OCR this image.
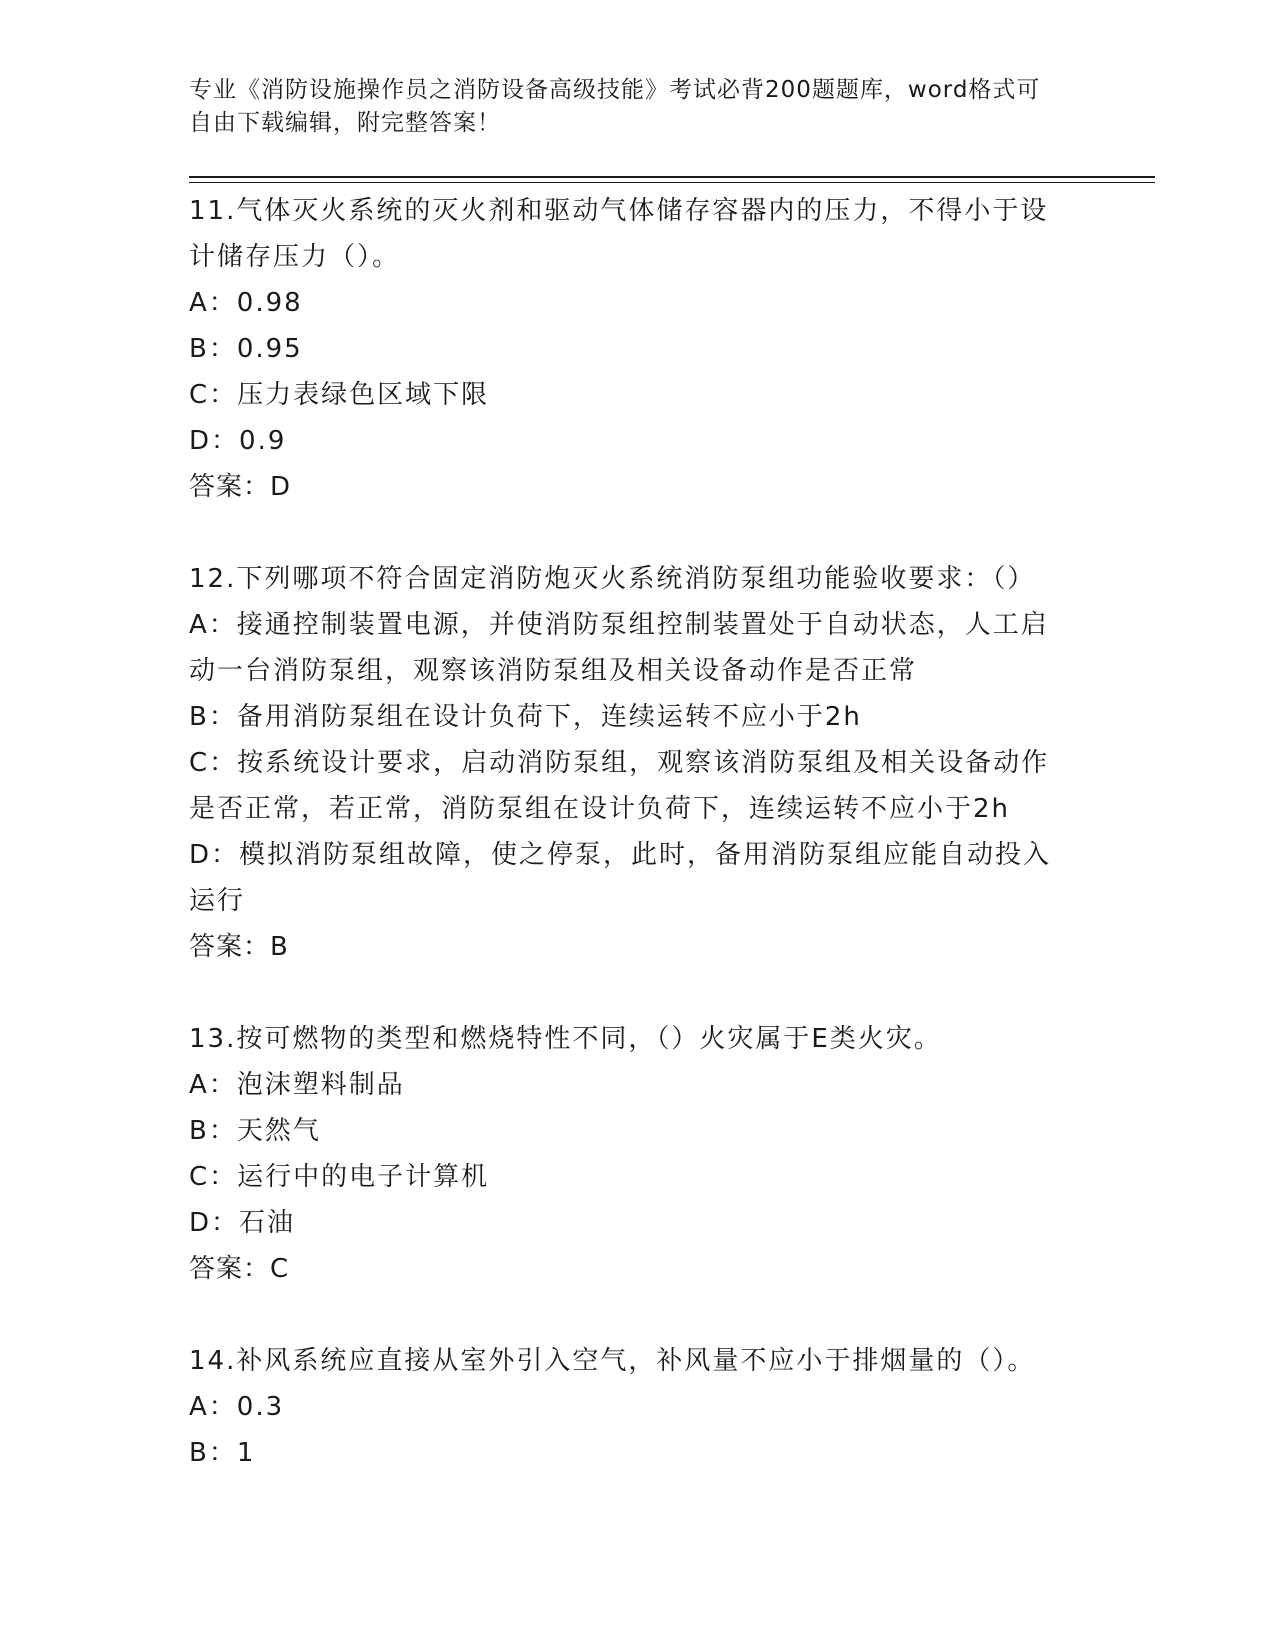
专业《消防设施操作员之消防设备高级技能》考试必背200题题库，word格式可
自由下载编辑，附完整答案！
11.气体灭火系统的灭火剂和驱动气体储存容器内的压力，不得小于设
计储存压力（）。
A：0.98
B：0.95
C：压力表绿色区域下限
D：0.9
答案：D
12.下列哪项不符合固定消防炮灭火系统消防泵组功能验收要求：（）
A：接通控制装置电源，并使消防泵组控制装置处于自动状态，人工启
动一台消防泵组，观察该消防泵组及相关设备动作是否正常
B：备用消防泵组在设计负荷下，连续运转不应小于2h
C：按系统设计要求，启动消防泵组，观察该消防泵组及相关设备动作
是否正常，若正常，消防泵组在设计负荷下，连续运转不应小于2h
D：模拟消防泵组故障，使之停泵，此时，备用消防泵组应能自动投入
运行
答案：B
13.按可燃物的类型和燃烧特性不同，（）火灾属于E类火灾。
A：泡沫塑料制品
B：天然气
C：运行中的电子计算机
D：石油
答案：C
14.补风系统应直接从室外引入空气，补风量不应小于排烟量的（）。
A：0.3
B：1
